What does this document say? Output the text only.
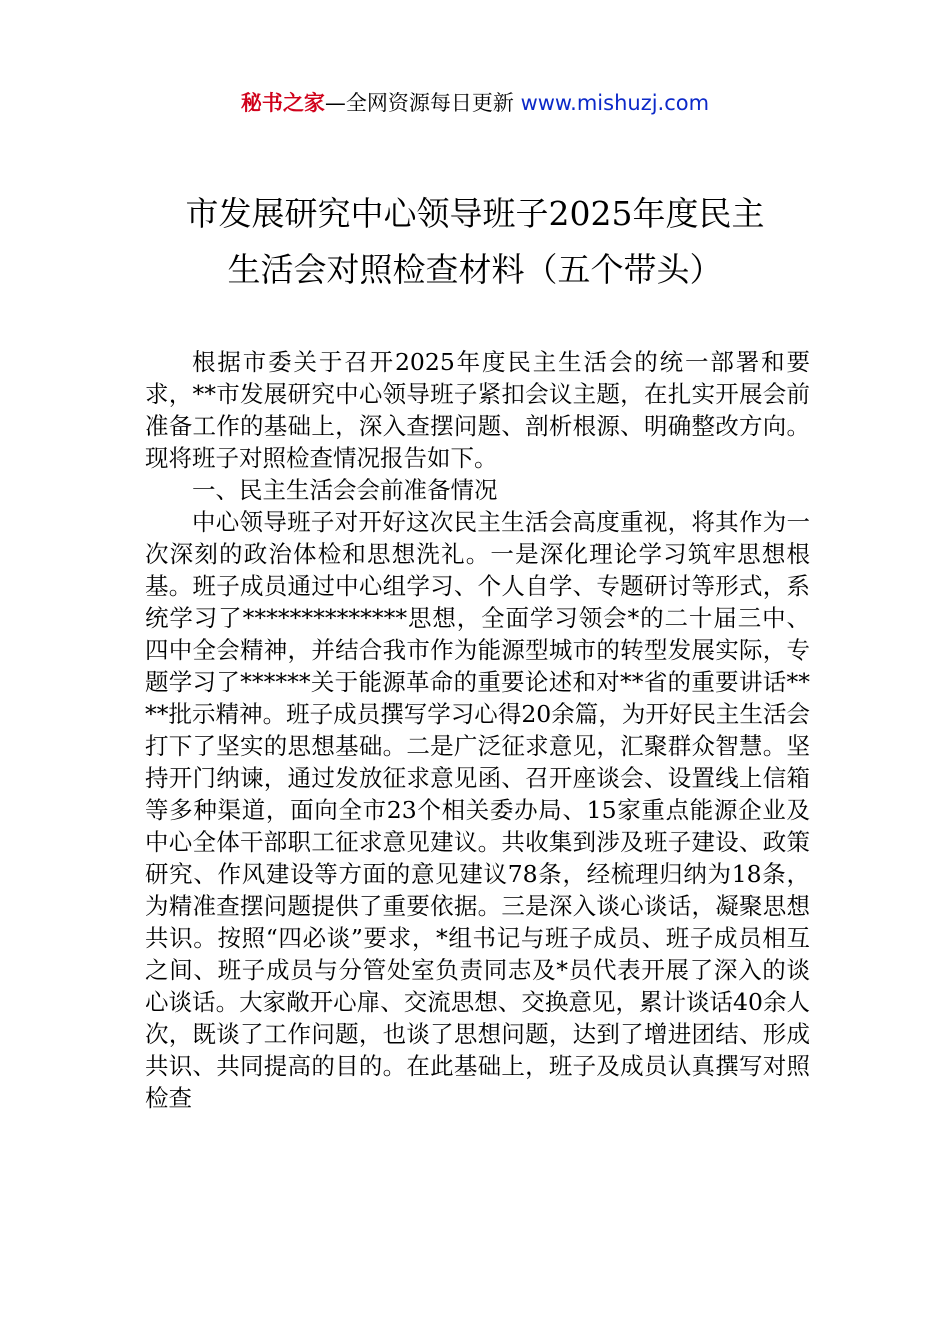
秘书之家—全网资源每日更新 www.mishuzj.com
市发展研究中心领导班子2025年度民主
生活会对照检查材料（五个带头）

根据市委关于召开2025年度民主生活会的统一部署和要求，**市发展研究中心领导班子紧扣会议主题，在扎实开展会前准备工作的基础上，深入查摆问题、剖析根源、明确整改方向。现将班子对照检查情况报告如下。

一、民主生活会会前准备情况

中心领导班子对开好这次民主生活会高度重视，将其作为一次深刻的政治体检和思想洗礼。一是深化理论学习筑牢思想根基。班子成员通过中心组学习、个人自学、专题研讨等形式，系统学习了**************思想，全面学习领会*的二十届三中、四中全会精神，并结合我市作为能源型城市的转型发展实际，专题学习了******关于能源革命的重要论述和对**省的重要讲话****批示精神。班子成员撰写学习心得20余篇，为开好民主生活会打下了坚实的思想基础。二是广泛征求意见，汇聚群众智慧。坚持开门纳谏，通过发放征求意见函、召开座谈会、设置线上信箱等多种渠道，面向全市23个相关委办局、15家重点能源企业及中心全体干部职工征求意见建议。共收集到涉及班子建设、政策研究、作风建设等方面的意见建议78条，经梳理归纳为18条，为精准查摆问题提供了重要依据。三是深入谈心谈话，凝聚思想共识。按照“四必谈”要求，*组书记与班子成员、班子成员相互之间、班子成员与分管处室负责同志及*员代表开展了深入的谈心谈话。大家敞开心扉、交流思想、交换意见，累计谈话40余人次，既谈了工作问题，也谈了思想问题，达到了增进团结、形成共识、共同提高的目的。在此基础上，班子及成员认真撰写对照检查
